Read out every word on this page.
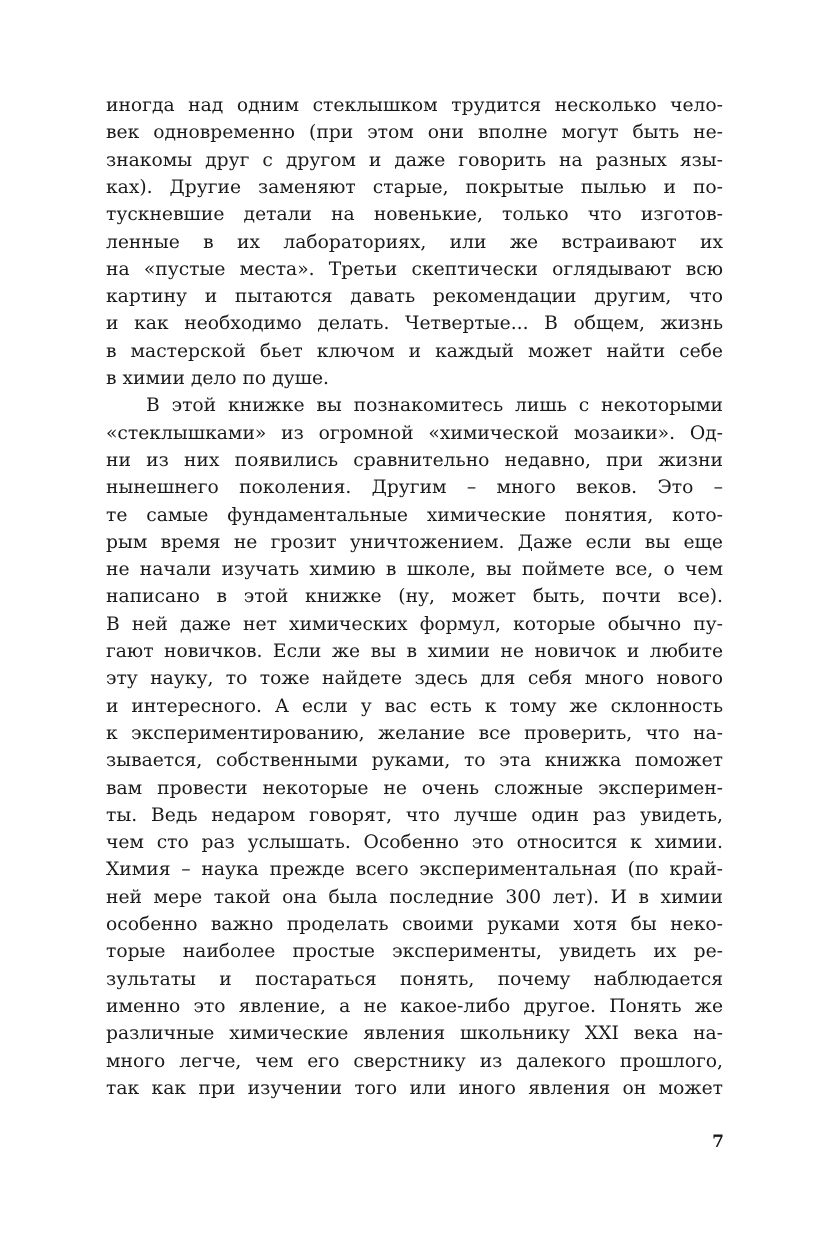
иногда над одним стеклышком трудится несколько чело-
век одновременно (при этом они вполне могут быть не-
знакомы друг с другом и даже говорить на разных язы-
ках). Другие заменяют старые, покрытые пылью и по-
тускневшие детали на новенькие, только что изготов-
ленные в их лабораториях, или же встраивают их
на «пустые места». Третьи скептически оглядывают всю
картину и пытаются давать рекомендации другим, что
и как необходимо делать. Четвертые... В общем, жизнь
в мастерской бьет ключом и каждый может найти себе
в химии дело по душе.
В этой книжке вы познакомитесь лишь с некоторыми
«стеклышками» из огромной «химической мозаики». Од-
ни из них появились сравнительно недавно, при жизни
нынешнего поколения. Другим – много веков. Это –
те самые фундаментальные химические понятия, кото-
рым время не грозит уничтожением. Даже если вы еще
не начали изучать химию в школе, вы поймете все, о чем
написано в этой книжке (ну, может быть, почти все).
В ней даже нет химических формул, которые обычно пу-
гают новичков. Если же вы в химии не новичок и любите
эту науку, то тоже найдете здесь для себя много нового
и интересного. А если у вас есть к тому же склонность
к экспериментированию, желание все проверить, что на-
зывается, собственными руками, то эта книжка поможет
вам провести некоторые не очень сложные эксперимен-
ты. Ведь недаром говорят, что лучше один раз увидеть,
чем сто раз услышать. Особенно это относится к химии.
Химия – наука прежде всего экспериментальная (по край-
ней мере такой она была последние 300 лет). И в химии
особенно важно проделать своими руками хотя бы неко-
торые наиболее простые эксперименты, увидеть их ре-
зультаты и постараться понять, почему наблюдается
именно это явление, а не какое-либо другое. Понять же
различные химические явления школьнику XXI века на-
много легче, чем его сверстнику из далекого прошлого,
так как при изучении того или иного явления он может
7
